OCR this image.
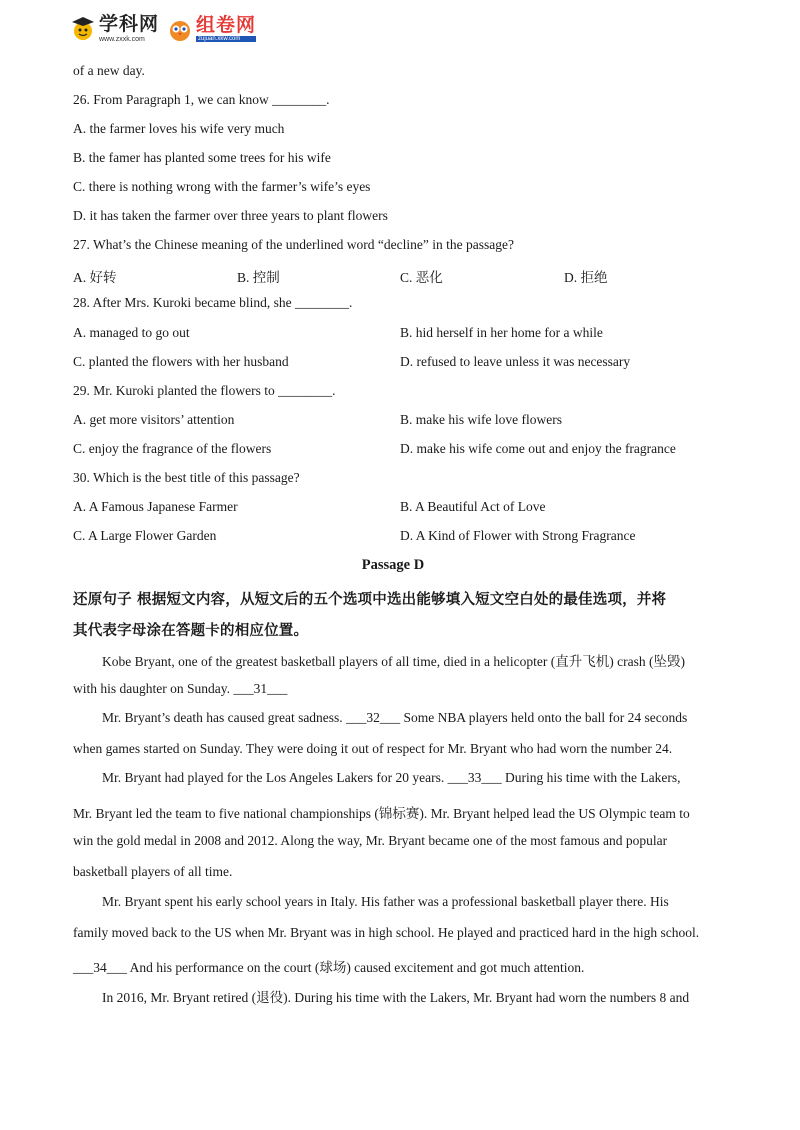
学科网
www.zxxk.com
组卷网
zujuan.xkw.com
of a new day.
26. From Paragraph 1, we can know ________.
A. the farmer loves his wife very much
B. the famer has planted some trees for his wife
C. there is nothing wrong with the farmer’s wife’s eyes
D. it has taken the farmer over three years to plant flowers
27. What’s the Chinese meaning of the underlined word “decline” in the passage?
A. 好转	B. 控制	C. 恶化	D. 拒绝
28. After Mrs. Kuroki became blind, she ________.
A. managed to go out	B. hid herself in her home for a while
C. planted the flowers with her husband	D. refused to leave unless it was necessary
29. Mr. Kuroki planted the flowers to ________.
A. get more visitors’ attention	B. make his wife love flowers
C. enjoy the fragrance of the flowers	D. make his wife come out and enjoy the fragrance
30. Which is the best title of this passage?
A. A Famous Japanese Farmer	B. A Beautiful Act of Love
C. A Large Flower Garden	D. A Kind of Flower with Strong Fragrance
Passage D
还原句子 根据短文内容，从短文后的五个选项中选出能够填入短文空白处的最佳选项，并将
其代表字母涂在答题卡的相应位置。
Kobe Bryant, one of the greatest basketball players of all time, died in a helicopter (直升飞机) crash (坠毁)
with his daughter on Sunday. ___31___
Mr. Bryant’s death has caused great sadness. ___32___ Some NBA players held onto the ball for 24 seconds
when games started on Sunday. They were doing it out of respect for Mr. Bryant who had worn the number 24.
Mr. Bryant had played for the Los Angeles Lakers for 20 years. ___33___ During his time with the Lakers,
Mr. Bryant led the team to five national championships (锦标赛). Mr. Bryant helped lead the US Olympic team to
win the gold medal in 2008 and 2012. Along the way, Mr. Bryant became one of the most famous and popular
basketball players of all time.
Mr. Bryant spent his early school years in Italy. His father was a professional basketball player there. His
family moved back to the US when Mr. Bryant was in high school. He played and practiced hard in the high school.
___34___ And his performance on the court (球场) caused excitement and got much attention.
In 2016, Mr. Bryant retired (退役). During his time with the Lakers, Mr. Bryant had worn the numbers 8 and
